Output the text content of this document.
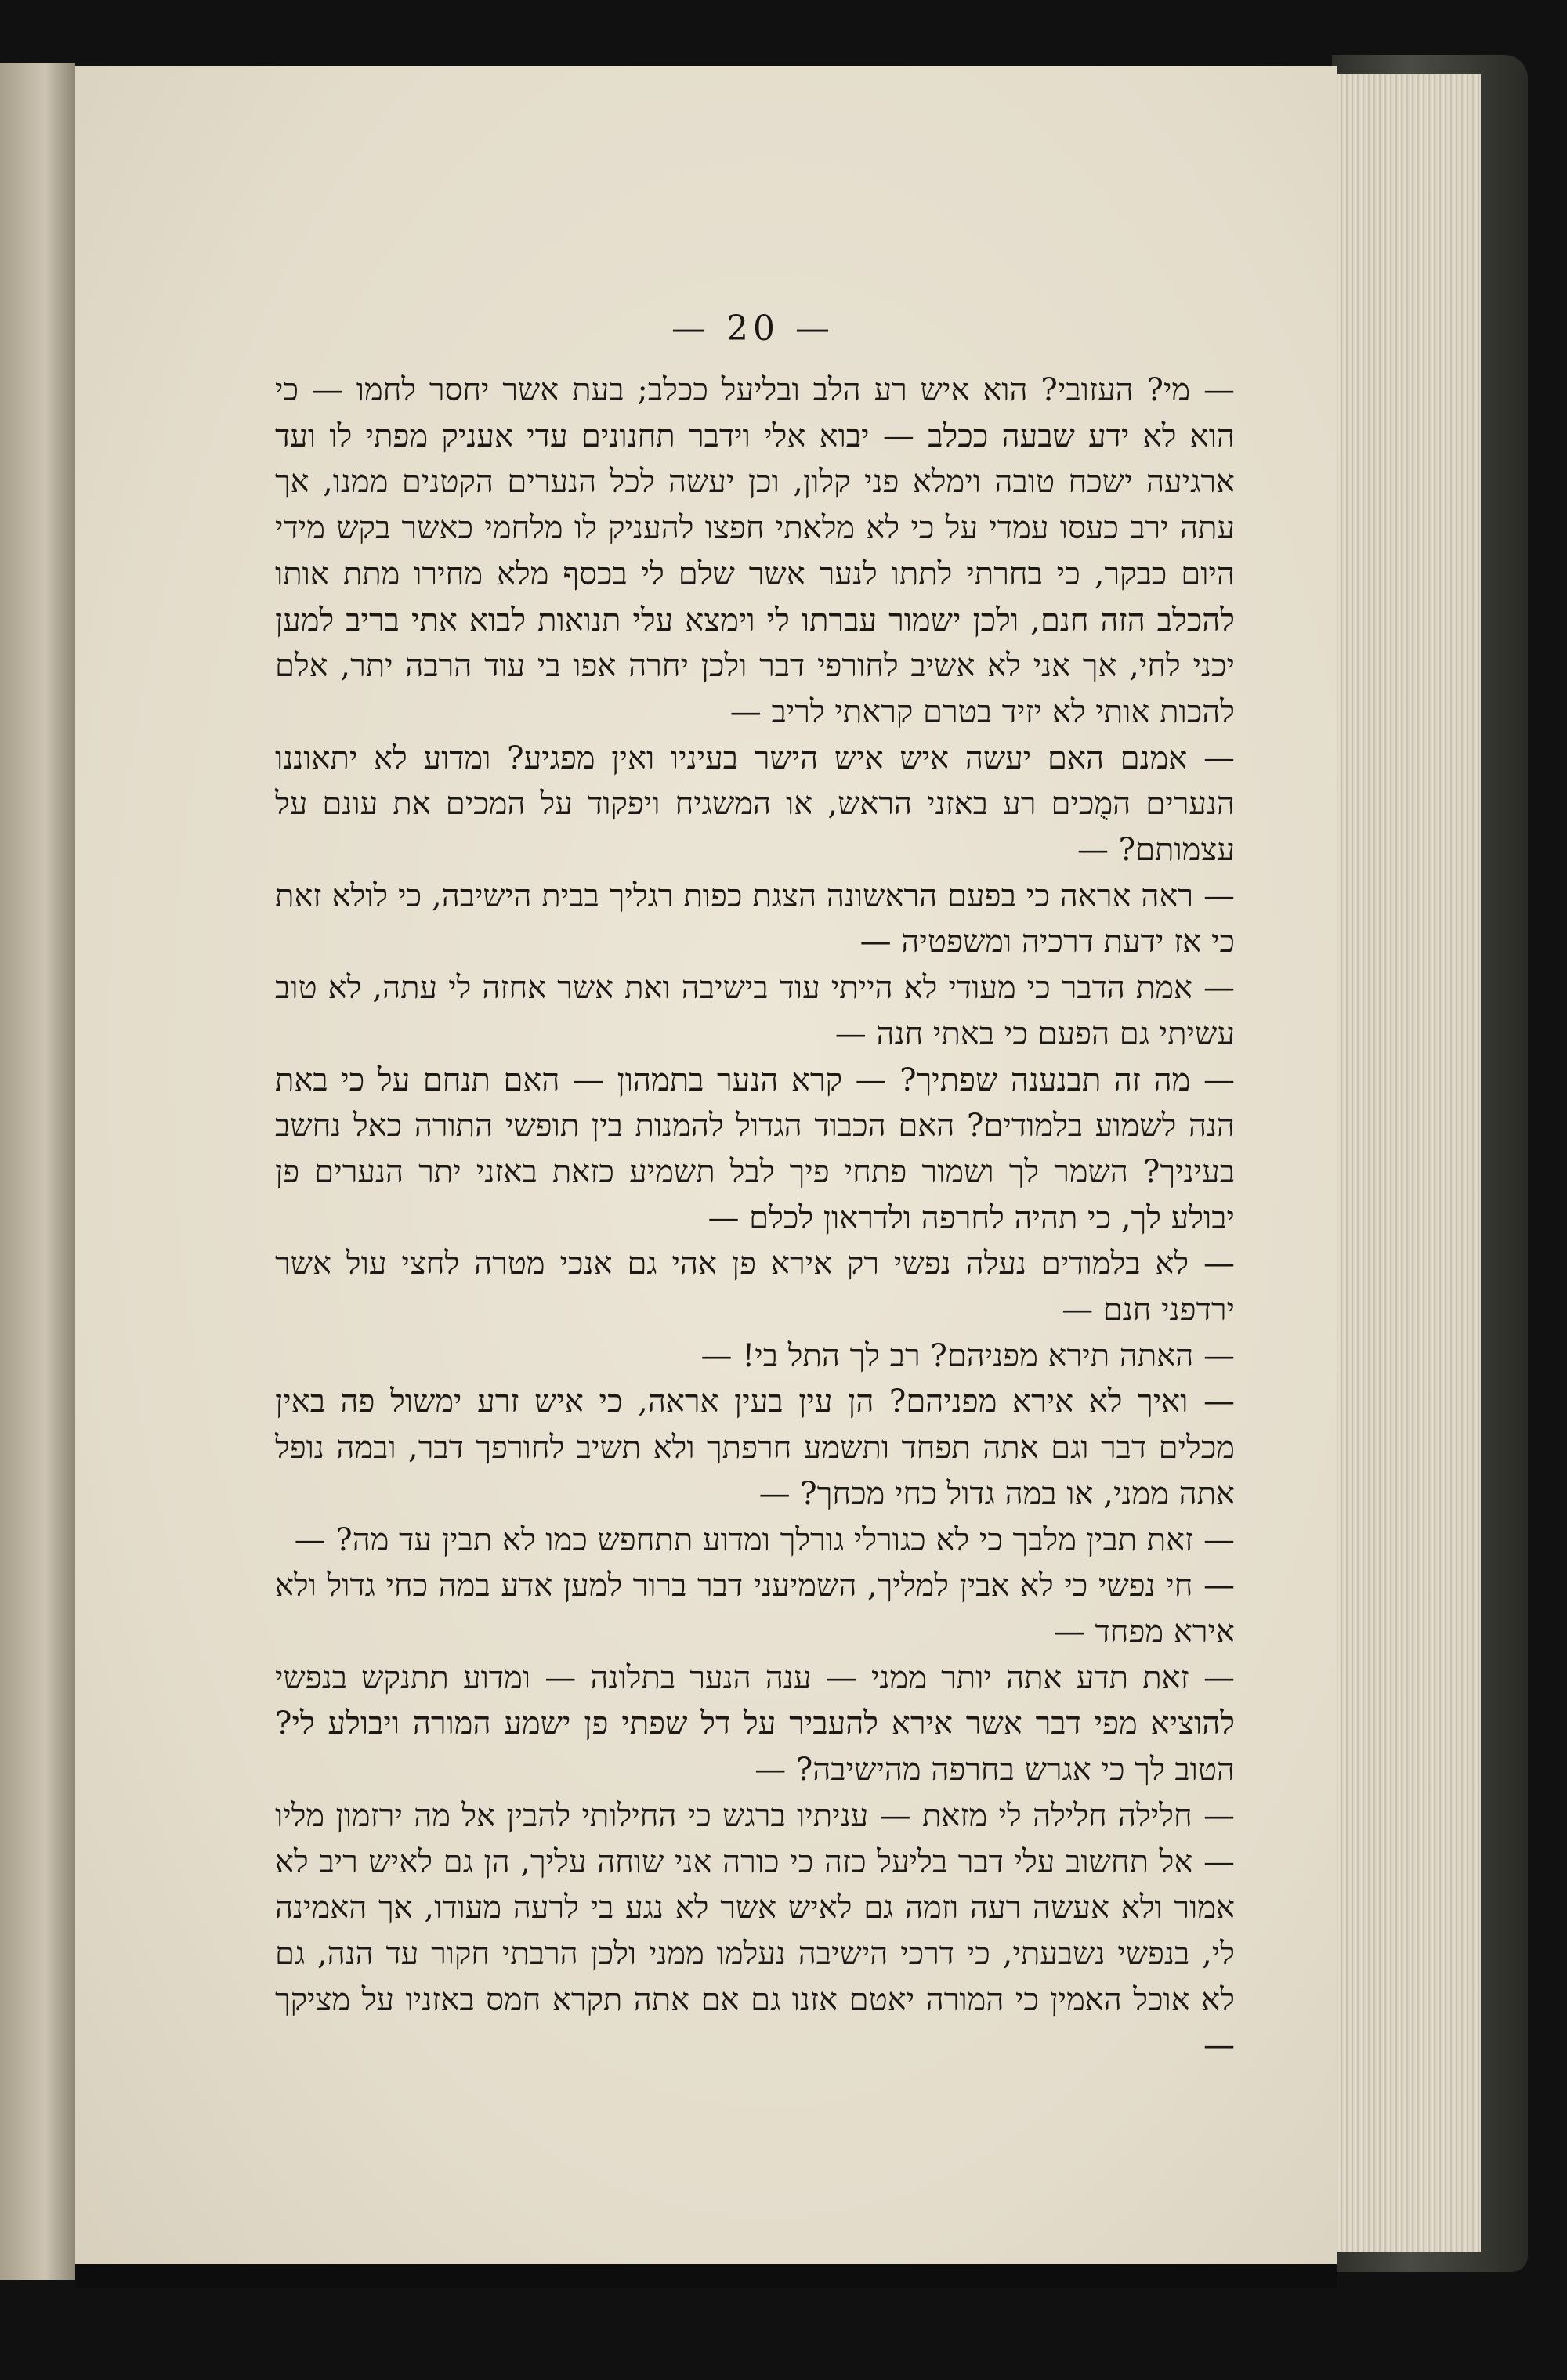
— 20 —

— מי? העזובי? הוא איש רע הלב ובליעל ככלב; בעת אשר יחסר לחמו — כי הוא לא ידע שבעה ככלב — יבוא אלי וידבר תחנונים עדי אעניק מפתי לו ועד ארגיעה ישכח טובה וימלא פני קלון, וכן יעשה לכל הנערים הקטנים ממנו, אך עתה ירב כעסו עמדי על כי לא מלאתי חפצו להעניק לו מלחמי כאשר בקש מידי היום כבקר, כי בחרתי לתתו לנער אשר שלם לי בכסף מלא מחירו מתת אותו להכלב הזה חנם, ולכן ישמור עברתו לי וימצא עלי תנואות לבוא אתי בריב למען יכני לחי, אך אני לא אשיב לחורפי דבר ולכן יחרה אפו בי עוד הרבה יתר, אלם להכות אותי לא יזיד בטרם קראתי לריב —

— אמנם האם יעשה איש איש הישר בעיניו ואין מפגיע? ומדוע לא יתאוננו הנערים המֻכים רע באזני הראש, או המשגיח ויפקוד על המכים את עונם על עצמותם? —

— ראה אראה כי בפעם הראשונה הצגת כפות רגליך בבית הישיבה, כי לולא זאת כי אז ידעת דרכיה ומשפטיה —

— אמת הדבר כי מעודי לא הייתי עוד בישיבה ואת אשר אחזה לי עתה, לא טוב עשיתי גם הפעם כי באתי חנה —

— מה זה תבנענה שפתיך? — קרא הנער בתמהון — האם תנחם על כי באת הנה לשמוע בלמודים? האם הכבוד הגדול להמנות בין תופשי התורה כאל נחשב בעיניך? השמר לך ושמור פתחי פיך לבל תשמיע כזאת באזני יתר הנערים פן יבולע לך, כי תהיה לחרפה ולדראון לכלם —

— לא בלמודים נעלה נפשי רק אירא פן אהי גם אנכי מטרה לחצי עול אשר ירדפני חנם —

— האתה תירא מפניהם? רב לך התל בי! —

— ואיך לא אירא מפניהם? הן עין בעין אראה, כי איש זרע ימשול פה באין מכלים דבר וגם אתה תפחד ותשמע חרפתך ולא תשיב לחורפך דבר, ובמה נופל אתה ממני, או במה גדול כחי מכחך? —

— זאת תבין מלבך כי לא כגורלי גורלך ומדוע תתחפש כמו לא תבין עד מה? —

— חי נפשי כי לא אבין למליך, השמיעני דבר ברור למען אדע במה כחי גדול ולא אירא מפחד —

— זאת תדע אתה יותר ממני — ענה הנער בתלונה — ומדוע תתנקש בנפשי להוציא מפי דבר אשר אירא להעביר על דל שפתי פן ישמע המורה ויבולע לי? הטוב לך כי אגרש בחרפה מהישיבה? —

— חלילה חלילה לי מזאת — עניתיו ברגש כי החילותי להבין אל מה ירזמון מליו — אל תחשוב עלי דבר בליעל כזה כי כורה אני שוחה עליך, הן גם לאיש ריב לא אמור ולא אעשה רעה וזמה גם לאיש אשר לא נגע בי לרעה מעודו, אך האמינה לי, בנפשי נשבעתי, כי דרכי הישיבה נעלמו ממני ולכן הרבתי חקור עד הנה, גם לא אוכל האמין כי המורה יאטם אזנו גם אם אתה תקרא חמס באזניו על מציקך —
